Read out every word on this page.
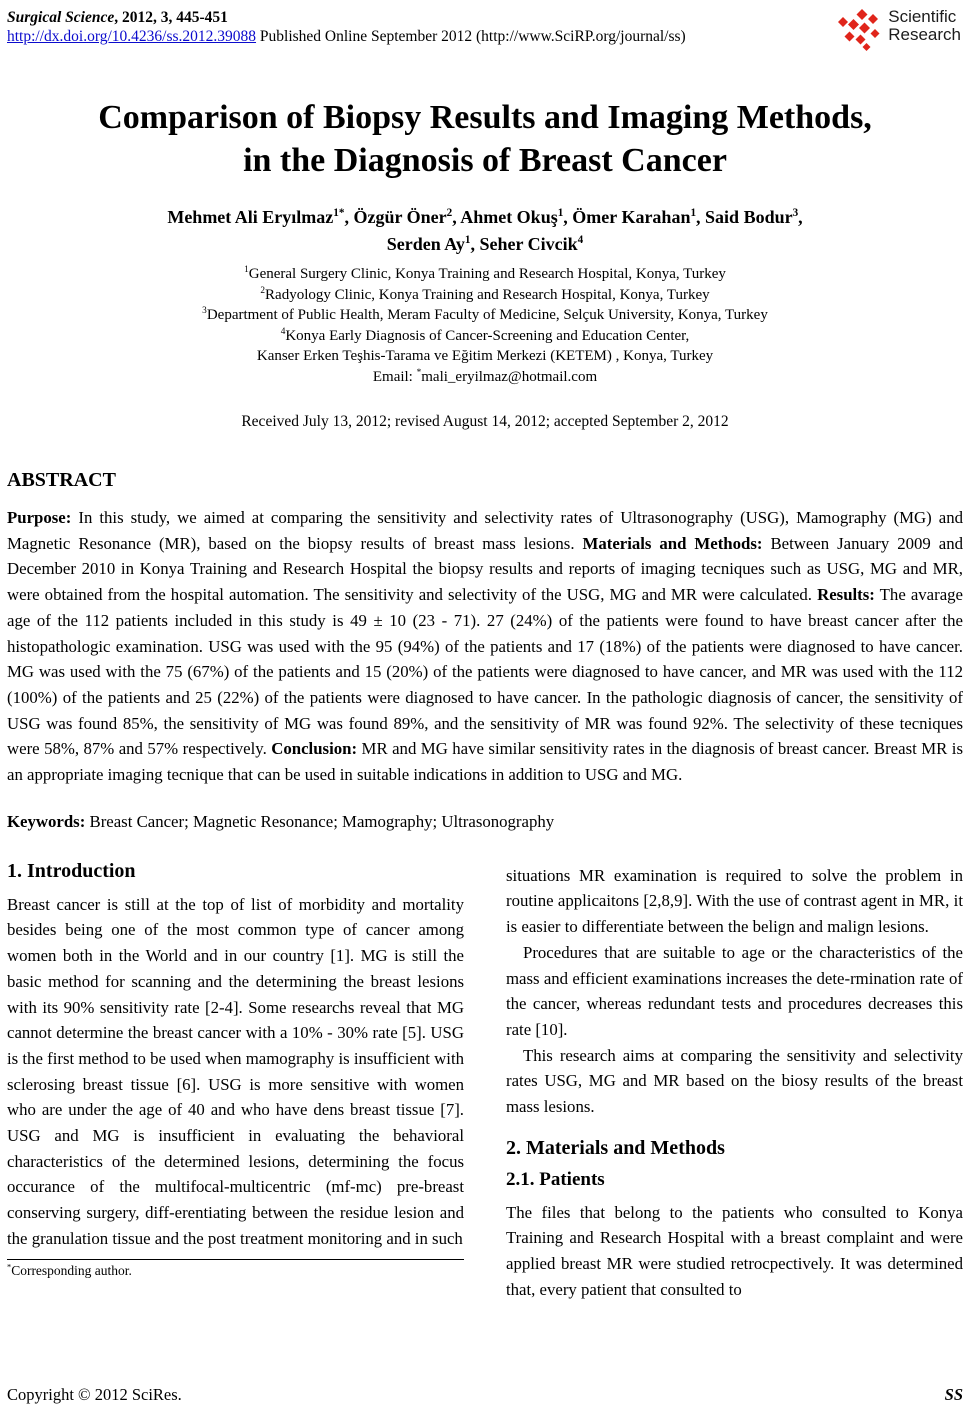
Surgical Science, 2012, 3, 445-451
http://dx.doi.org/10.4236/ss.2012.39088 Published Online September 2012 (http://www.SciRP.org/journal/ss)
Scientific
Research
Comparison of Biopsy Results and Imaging Methods,
in the Diagnosis of Breast Cancer
Mehmet Ali Eryılmaz$^{1*}$, Özgür Öner$^2$, Ahmet Okuş$^1$, Ömer Karahan$^1$, Said Bodur$^3$,
Serden Ay$^1$, Seher Civcik$^4$
$^1$General Surgery Clinic, Konya Training and Research Hospital, Konya, Turkey
$^2$Radyology Clinic, Konya Training and Research Hospital, Konya, Turkey
$^3$Department of Public Health, Meram Faculty of Medicine, Selçuk University, Konya, Turkey
$^4$Konya Early Diagnosis of Cancer-Screening and Education Center,
Kanser Erken Teşhis-Tarama ve Eğitim Merkezi (KETEM) , Konya, Turkey
Email: *mali_eryilmaz@hotmail.com
Received July 13, 2012; revised August 14, 2012; accepted September 2, 2012
ABSTRACT

Purpose: In this study, we aimed at comparing the sensitivity and selectivity rates of Ultrasonography (USG), Mamography (MG) and Magnetic Resonance (MR), based on the biopsy results of breast mass lesions. Materials and Methods: Between January 2009 and December 2010 in Konya Training and Research Hospital the biopsy results and reports of imaging tecniques such as USG, MG and MR, were obtained from the hospital automation. The sensitivity and selectivity of the USG, MG and MR were calculated. Results: The avarage age of the 112 patients included in this study is 49 ± 10 (23 - 71). 27 (24%) of the patients were found to have breast cancer after the histopathologic examination. USG was used with the 95 (94%) of the patients and 17 (18%) of the patients were diagnosed to have cancer. MG was used with the 75 (67%) of the patients and 15 (20%) of the patients were diagnosed to have cancer, and MR was used with the 112 (100%) of the patients and 25 (22%) of the patients were diagnosed to have cancer. In the pathologic diagnosis of cancer, the sensitivity of USG was found 85%, the sensitivity of MG was found 89%, and the sensitivity of MR was found 92%. The selectivity of these tecniques were 58%, 87% and 57% respectively. Conclusion: MR and MG have similar sensitivity rates in the diagnosis of breast cancer. Breast MR is an appropriate imaging tecnique that can be used in suitable indications in addition to USG and MG.

Keywords: Breast Cancer; Magnetic Resonance; Mamography; Ultrasonography
1. Introduction

Breast cancer is still at the top of list of morbidity and mortality besides being one of the most common type of cancer among women both in the World and in our country [1]. MG is still the basic method for scanning and the determining the breast lesions with its 90% sensitivity rate [2-4]. Some researchs reveal that MG cannot determine the breast cancer with a 10% - 30% rate [5]. USG is the first method to be used when mamography is insufficient with sclerosing breast tissue [6]. USG is more sensitive with women who are under the age of 40 and who have dens breast tissue [7]. USG and MG is insufficient in evaluating the behavioral characteristics of the determined lesions, determining the focus occurance of the multifocal-multicentric (mf-mc) pre-breast conserving surgery, diff-erentiating between the residue lesion and the granulation tissue and the post treatment monitoring and in such

*Corresponding author.

situations MR examination is required to solve the problem in routine applicaitons [2,8,9]. With the use of contrast agent in MR, it is easier to differentiate between the belign and malign lesions.

Procedures that are suitable to age or the characteristics of the mass and efficient examinations increases the dete-rmination rate of the cancer, whereas redundant tests and procedures decreases this rate [10].

This research aims at comparing the sensitivity and selectivity rates USG, MG and MR based on the biosy results of the breast mass lesions.

2. Materials and Methods
2.1. Patients

The files that belong to the patients who consulted to Konya Training and Research Hospital with a breast complaint and were applied breast MR were studied retrocpectively. It was determined that, every patient that consulted to

Copyright © 2012 SciRes.	SS
